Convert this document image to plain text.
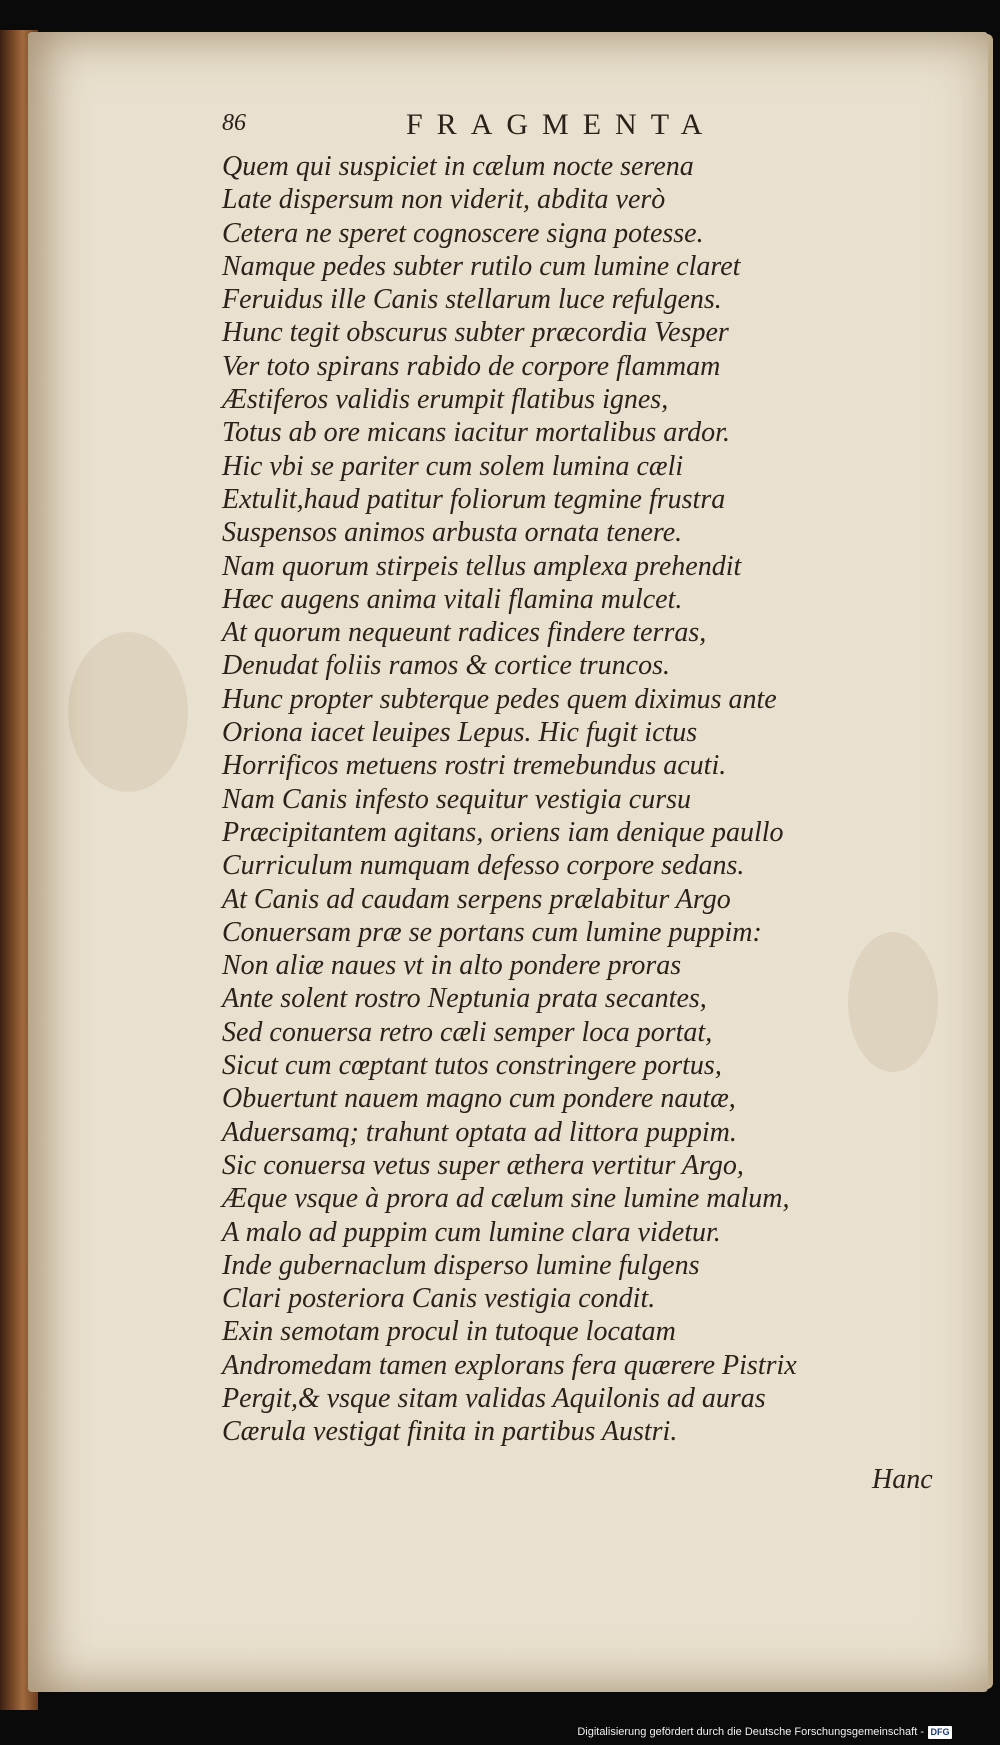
86	FRAGMENTA
Quem qui suspiciet in cælum nocte serena
Late dispersum non viderit, abdita verò
Cetera ne speret cognoscere signa potesse.
Namque pedes subter rutilo cum lumine claret
Feruidus ille Canis stellarum luce refulgens.
Hunc tegit obscurus subter præcordia Vesper
Ver toto spirans rabido de corpore flammam
Æstiferos validis erumpit flatibus ignes,
Totus ab ore micans iacitur mortalibus ardor.
Hic vbi se pariter cum solem lumina cæli
Extulit,haud patitur foliorum tegmine frustra
Suspensos animos arbusta ornata tenere.
Nam quorum stirpeis tellus amplexa prehendit
Hæc augens anima vitali flamina mulcet.
At quorum nequeunt radices findere terras,
Denudat foliis ramos & cortice truncos.
Hunc propter subterque pedes quem diximus ante
Oriona iacet leuipes Lepus. Hic fugit ictus
Horrificos metuens rostri tremebundus acuti.
Nam Canis infesto sequitur vestigia cursu
Præcipitantem agitans, oriens iam denique paullo
Curriculum numquam defesso corpore sedans.
At Canis ad caudam serpens prælabitur Argo
Conuersam præ se portans cum lumine puppim:
Non aliæ naues vt in alto pondere proras
Ante solent rostro Neptunia prata secantes,
Sed conuersa retro cæli semper loca portat,
Sicut cum cœptant tutos constringere portus,
Obuertunt nauem magno cum pondere nautæ,
Aduersamq; trahunt optata ad littora puppim.
Sic conuersa vetus super æthera vertitur Argo,
Æque vsque à prora ad cælum sine lumine malum,
A malo ad puppim cum lumine clara videtur.
Inde gubernaclum disperso lumine fulgens
Clari posteriora Canis vestigia condit.
Exin semotam procul in tutoque locatam
Andromedam tamen explorans fera quærere Pistrix
Pergit,& vsque sitam validas Aquilonis ad auras
Cærula vestigat finita in partibus Austri.
Hanc
Digitalisierung gefördert durch die Deutsche Forschungsgemeinschaft - DFG
